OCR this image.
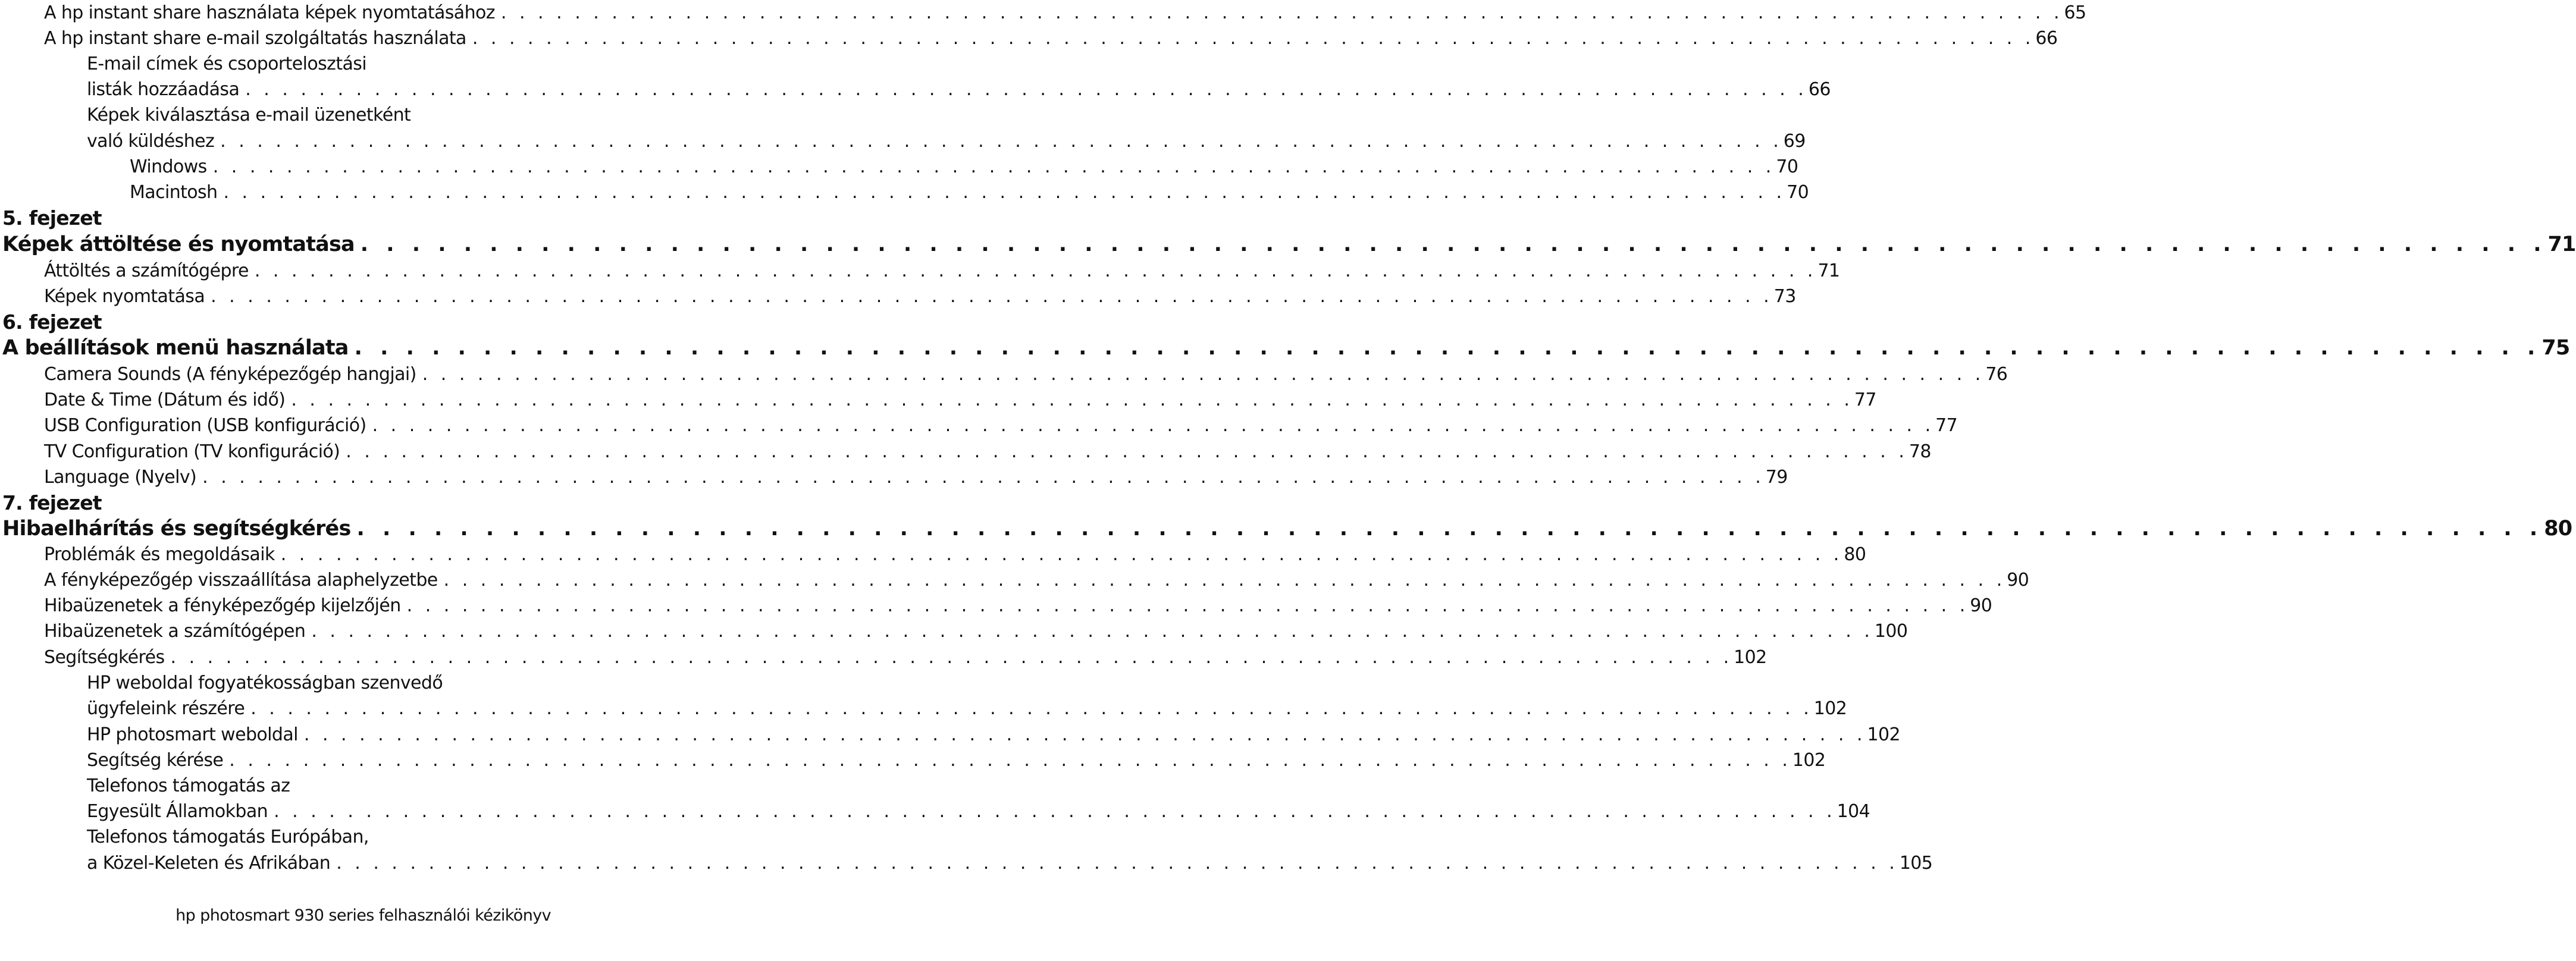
A hp instant share használata képek nyomtatásához . . .	65
A hp instant share e-mail szolgáltatás használata . . .	66
E-mail címek és csoportelosztási
listák hozzáadása . . .	66
Képek kiválasztása e-mail üzenetként
való küldéshez . . .	69
Windows . . .	70
Macintosh . . .	70
5. fejezet
Képek áttöltése és nyomtatása . . .	71
Áttöltés a számítógépre . . .	71
Képek nyomtatása . . .	73
6. fejezet
A beállítások menü használata . . .	75
Camera Sounds (A fényképezőgép hangjai) . . .	76
Date & Time (Dátum és idő) . . .	77
USB Configuration (USB konfiguráció) . . .	77
TV Configuration (TV konfiguráció) . . .	78
Language (Nyelv) . . .	79
7. fejezet
Hibaelhárítás és segítségkérés . . .	80
Problémák és megoldásaik . . .	80
A fényképezőgép visszaállítása alaphelyzetbe . . .	90
Hibaüzenetek a fényképezőgép kijelzőjén . . .	90
Hibaüzenetek a számítógépen . . .	100
Segítségkérés . . .	102
HP weboldal fogyatékosságban szenvedő
ügyfeleink részére . . .	102
HP photosmart weboldal . . .	102
Segítség kérése . . .	102
Telefonos támogatás az
Egyesült Államokban . . .	104
Telefonos támogatás Európában,
a Közel-Keleten és Afrikában . . .	105
hp photosmart 930 series felhasználói kézikönyv
